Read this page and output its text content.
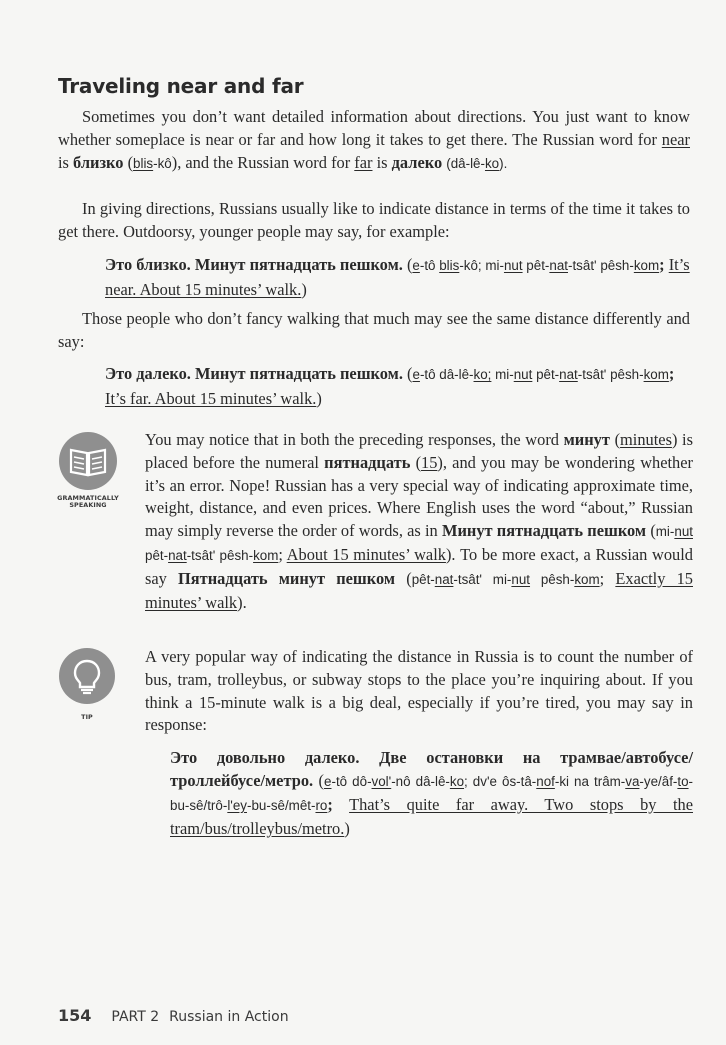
Traveling near and far

Sometimes you don’t want detailed information about directions. You just want to know whether someplace is near or far and how long it takes to get there. The Russian word for near is близко (blis-kô), and the Russian word for far is далеко (dâ-lê-ko).

In giving directions, Russians usually like to indicate distance in terms of the time it takes to get there. Outdoorsy, younger people may say, for example:

Это близко. Минут пятнадцать пешком. (e-tô blis-kô; mi-nut pêt-nat-tsât' pêsh-kom; It’s near. About 15 minutes’ walk.)

Those people who don’t fancy walking that much may see the same distance differently and say:

Это далеко. Минут пятнадцать пешком. (e-tô dâ-lê-ko; mi-nut pêt-nat-tsât' pêsh-kom; It’s far. About 15 minutes’ walk.)

GRAMMATICALLY
SPEAKING

You may notice that in both the preceding responses, the word минут (minutes) is placed before the numeral пятнадцать (15), and you may be wondering whether it’s an error. Nope! Russian has a very special way of indicating approximate time, weight, distance, and even prices. Where English uses the word “about,” Russian may simply reverse the order of words, as in Минут пятнадцать пешком (mi-nut pêt-nat-tsât' pêsh-kom; About 15 minutes’ walk). To be more exact, a Russian would say Пятнадцать минут пешком (pêt-nat-tsât' mi-nut pêsh-kom; Exactly 15 minutes’ walk).

TIP

A very popular way of indicating the distance in Russia is to count the number of bus, tram, trolleybus, or subway stops to the place you’re inquiring about. If you think a 15-minute walk is a big deal, especially if you’re tired, you may say in response:

Это довольно далеко. Две остановки на трамвае/автобусе/троллейбусе/метро. (e-tô dô-vol'-nô dâ-lê-ko; dv'e ôs-tâ-nof-ki na trâm-va-ye/âf-to-bu-sê/trô-l'ey-bu-sê/mêt-ro; That’s quite far away. Two stops by the tram/bus/trolleybus/metro.)

154 PART 2 Russian in Action
